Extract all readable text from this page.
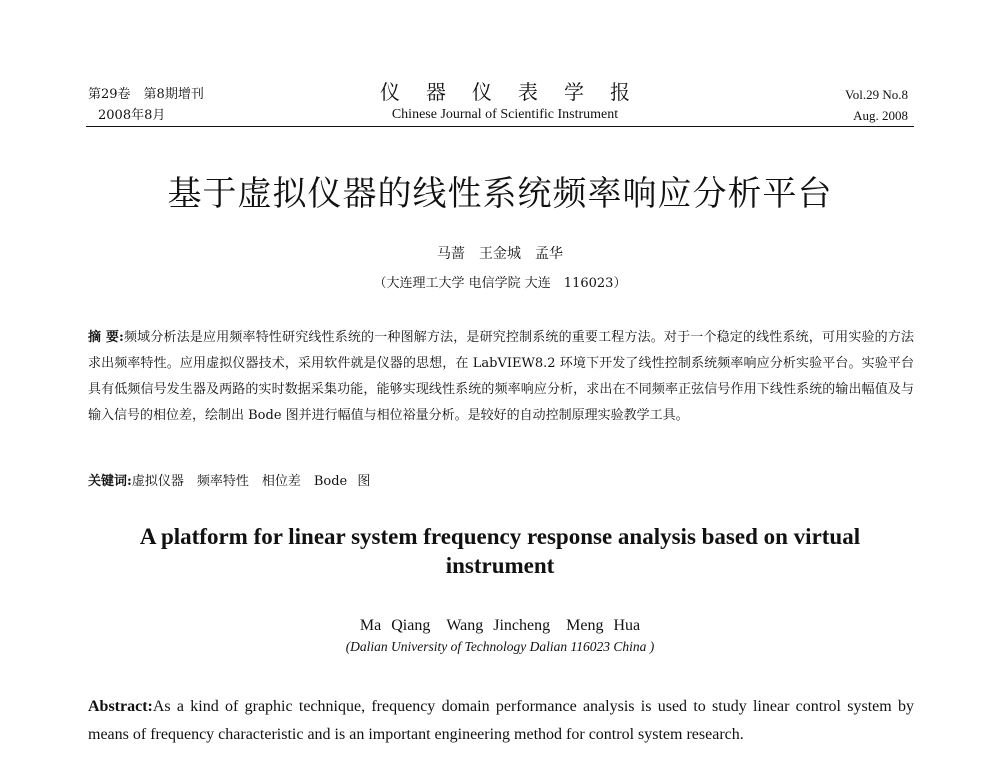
第29卷　第8期增刊
2008年8月
仪器仪表学报
Chinese Journal of Scientific Instrument
Vol.29 No.8
Aug. 2008
基于虚拟仪器的线性系统频率响应分析平台
马蔷　王金城　孟华
（大连理工大学 电信学院 大连　116023）
摘 要:频域分析法是应用频率特性研究线性系统的一种图解方法，是研究控制系统的重要工程方法。对于一个稳定的线性系统，可用实验的方法求出频率特性。应用虚拟仪器技术，采用软件就是仪器的思想，在 LabVIEW8.2 环境下开发了线性控制系统频率响应分析实验平台。实验平台具有低频信号发生器及两路的实时数据采集功能，能够实现线性系统的频率响应分析，求出在不同频率正弦信号作用下线性系统的输出幅值及与输入信号的相位差，绘制出 Bode 图并进行幅值与相位裕量分析。是较好的自动控制原理实验教学工具。
关键词:虚拟仪器　频率特性　相位差　Bode 图
A platform for linear system frequency response analysis based on virtual instrument
Ma Qiang　Wang Jincheng　Meng Hua
(Dalian University of Technology Dalian 116023 China )
Abstract:As a kind of graphic technique, frequency domain performance analysis is used to study linear control system by means of frequency characteristic and is an important engineering method for control system research.
